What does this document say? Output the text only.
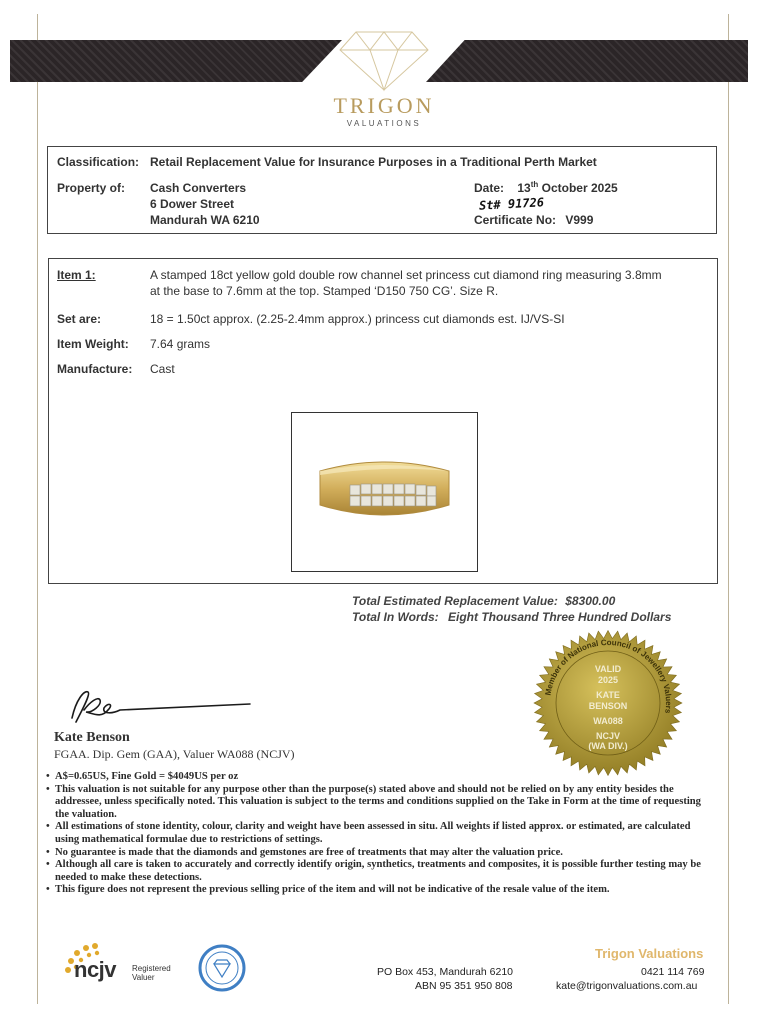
TRIGON
VALUATIONS
Classification: Retail Replacement Value for Insurance Purposes in a Traditional Perth Market
Property of: Cash Converters
6 Dower Street
Mandurah WA 6210
Date: 13th October 2025
St# 91726
Certificate No: V999
Item 1:	A stamped 18ct yellow gold double row channel set princess cut diamond ring measuring 3.8mm
at the base to 7.6mm at the top. Stamped ‘D150 750 CG’. Size R.
Set are:	18 = 1.50ct approx. (2.25-2.4mm approx.) princess cut diamonds est. IJ/VS-SI
Item Weight: 7.64 grams
Manufacture: Cast
Total Estimated Replacement Value: $8300.00
Total In Words: Eight Thousand Three Hundred Dollars
Member of National Council of Jewellery Valuers
VALID
2025
KATE
BENSON
WA088
NCJV
(WA DIV.)
Kate Benson
FGAA. Dip. Gem (GAA), Valuer WA088 (NCJV)
• A$=0.65US, Fine Gold = $4049US per oz
• This valuation is not suitable for any purpose other than the purpose(s) stated above and should not be relied on by any entity besides the addressee, unless specifically noted. This valuation is subject to the terms and conditions supplied on the Take in Form at the time of requesting the valuation.
• All estimations of stone identity, colour, clarity and weight have been assessed in situ. All weights if listed approx. or estimated, are calculated using mathematical formulae due to restrictions of settings.
• No guarantee is made that the diamonds and gemstones are free of treatments that may alter the valuation price.
• Although all care is taken to accurately and correctly identify origin, synthetics, treatments and composites, it is possible further testing may be needed to make these detections.
• This figure does not represent the previous selling price of the item and will not be indicative of the resale value of the item.
ncjv Registered
Valuer
Trigon Valuations
PO Box 453, Mandurah 6210
ABN 95 351 950 808
0421 114 769
kate@trigonvaluations.com.au
